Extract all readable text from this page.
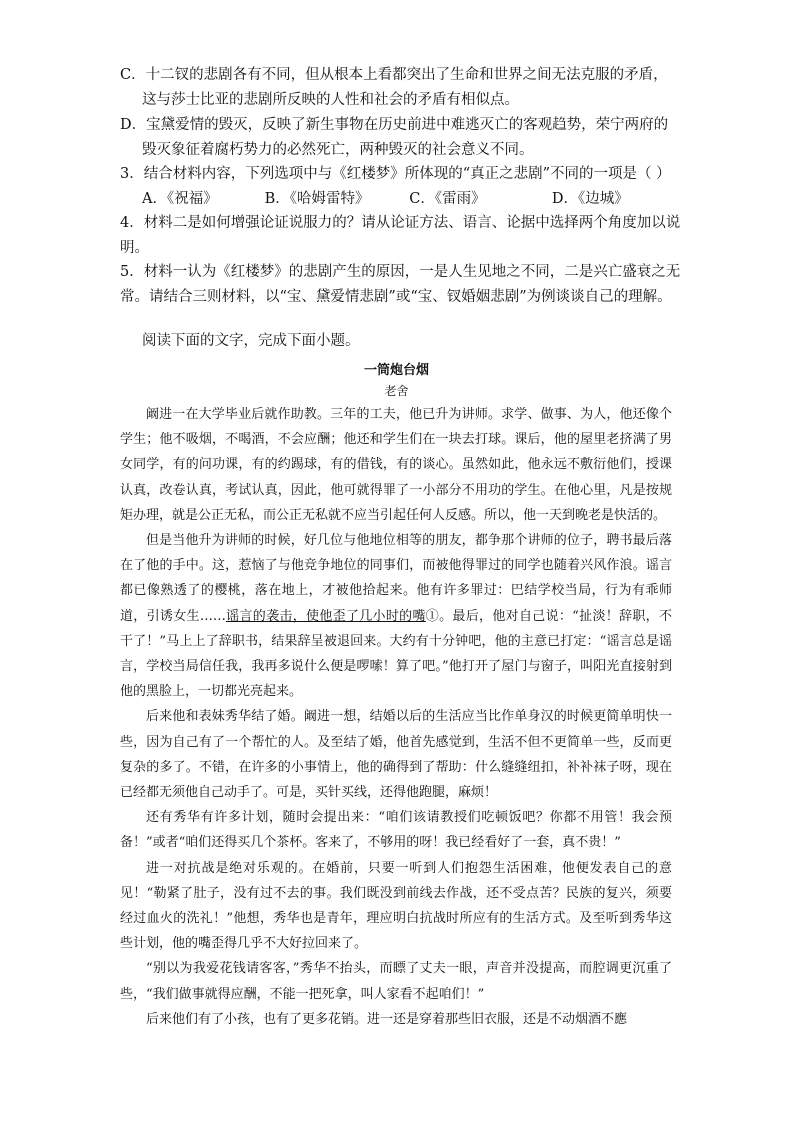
C．十二钗的悲剧各有不同，但从根本上看都突出了生命和世界之间无法克服的矛盾，
这与莎士比亚的悲剧所反映的人性和社会的矛盾有相似点。
D．宝黛爱情的毁灭，反映了新生事物在历史前进中难逃灭亡的客观趋势，荣宁两府的
毁灭象征着腐朽势力的必然死亡，两种毁灭的社会意义不同。
3．结合材料内容，下列选项中与《红楼梦》所体现的“真正之悲剧”不同的一项是（ ）
A．《祝福》	B．《哈姆雷特》	C．《雷雨》	D．《边城》
4．材料二是如何增强论证说服力的？请从论证方法、语言、论据中选择两个角度加以说
明。
5．材料一认为《红楼梦》的悲剧产生的原因，一是人生见地之不同，二是兴亡盛衰之无
常。请结合三则材料，以“宝、黛爱情悲剧”或“宝、钗婚姻悲剧”为例谈谈自己的理解。
阅读下面的文字，完成下面小题。
一筒炮台烟
老舍

阚进一在大学毕业后就作助教。三年的工夫，他已升为讲师。求学、做事、为人，他还像个学生；他不吸烟，不喝酒，不会应酬；他还和学生们在一块去打球。课后，他的屋里老挤满了男女同学，有的问功课，有的约踢球，有的借钱，有的谈心。虽然如此，他永远不敷衍他们，授课认真，改卷认真，考试认真，因此，他可就得罪了一小部分不用功的学生。在他心里，凡是按规矩办理，就是公正无私，而公正无私就不应当引起任何人反感。所以，他一天到晚老是快活的。

但是当他升为讲师的时候，好几位与他地位相等的朋友，都争那个讲师的位子，聘书最后落在了他的手中。这，惹恼了与他竞争地位的同事们，而被他得罪过的同学也随着兴风作浪。谣言都已像熟透了的樱桃，落在地上，才被他拾起来。他有许多罪过：巴结学校当局，行为有乖师道，引诱女生……谣言的袭击，使他歪了几小时的嘴①。最后，他对自己说：“扯淡！辞职，不干了！”马上上了辞职书，结果辞呈被退回来。大约有十分钟吧，他的主意已打定：“谣言总是谣言，学校当局信任我，我再多说什么便是啰嗦！算了吧。”他打开了屋门与窗子，叫阳光直接射到他的黑脸上，一切都光亮起来。

后来他和表妹秀华结了婚。阚进一想，结婚以后的生活应当比作单身汉的时候更简单明快一些，因为自己有了一个帮忙的人。及至结了婚，他首先感觉到，生活不但不更简单一些，反而更复杂的多了。不错，在许多的小事情上，他的确得到了帮助：什么缝缝纽扣，补补袜子呀，现在已经都无须他自己动手了。可是，买针买线，还得他跑腿，麻烦！

还有秀华有许多计划，随时会提出来：“咱们该请教授们吃顿饭吧？你都不用管！我会预备！”或者“咱们还得买几个茶杯。客来了，不够用的呀！我已经看好了一套，真不贵！”

进一对抗战是绝对乐观的。在婚前，只要一听到人们抱怨生活困难，他便发表自己的意见！“勒紧了肚子，没有过不去的事。我们既没到前线去作战，还不受点苦？民族的复兴，须要经过血火的洗礼！”他想，秀华也是青年，理应明白抗战时所应有的生活方式。及至听到秀华这些计划，他的嘴歪得几乎不大好拉回来了。

“别以为我爱花钱请客客，”秀华不抬头，而瞟了丈夫一眼，声音并没提高，而腔调更沉重了些，“我们做事就得应酬，不能一把死拿，叫人家看不起咱们！”

后来他们有了小孩，也有了更多花销。进一还是穿着那些旧衣服，还是不动烟酒不應
